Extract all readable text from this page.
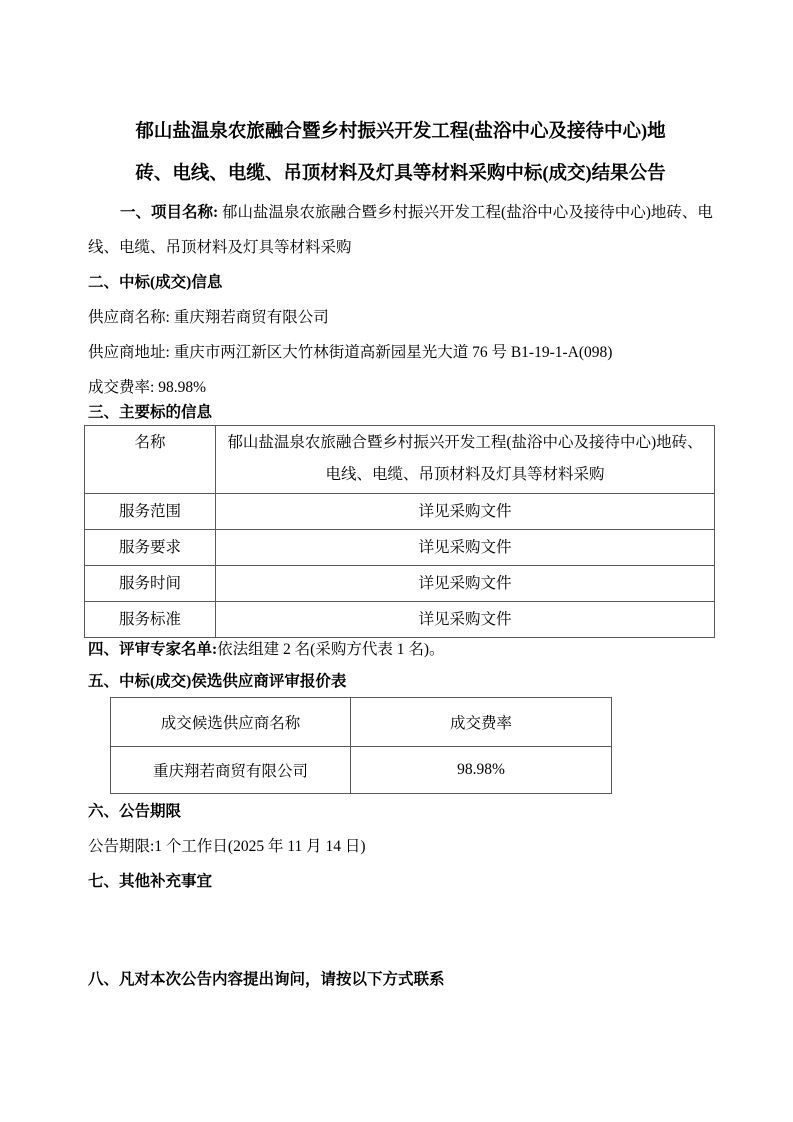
郁山盐温泉农旅融合暨乡村振兴开发工程(盐浴中心及接待中心)地
砖、电线、电缆、吊顶材料及灯具等材料采购中标(成交)结果公告

一、项目名称: 郁山盐温泉农旅融合暨乡村振兴开发工程(盐浴中心及接待中心)地砖、电线、电缆、吊顶材料及灯具等材料采购

二、中标(成交)信息

供应商名称: 重庆翔若商贸有限公司

供应商地址: 重庆市两江新区大竹林街道高新园星光大道 76 号 B1-19-1-A(098)

成交费率: 98.98%

三、主要标的信息
名称	郁山盐温泉农旅融合暨乡村振兴开发工程(盐浴中心及接待中心)地砖、电线、电缆、吊顶材料及灯具等材料采购
服务范围	详见采购文件
服务要求	详见采购文件
服务时间	详见采购文件
服务标准	详见采购文件

四、评审专家名单:依法组建 2 名(采购方代表 1 名)。

五、中标(成交)侯选供应商评审报价表
成交候选供应商名称	成交费率
重庆翔若商贸有限公司	98.98%
六、公告期限

公告期限:1 个工作日(2025 年 11 月 14 日)

七、其他补充事宜
八、凡对本次公告内容提出询问，请按以下方式联系
